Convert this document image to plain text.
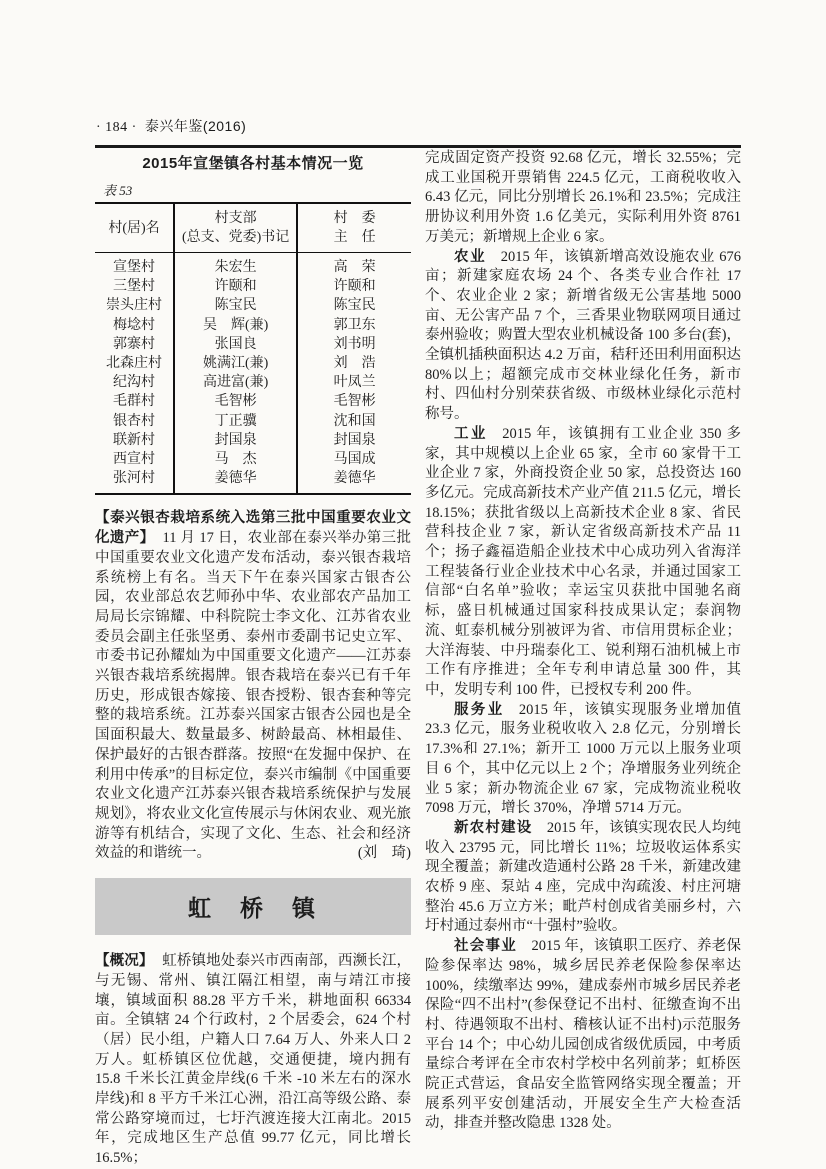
· 184 · 泰兴年鉴(2016)
2015年宣堡镇各村基本情况一览
表 53
村(居)名	村支部
(总支、党委)书记	村　委
主　任

宣堡村	朱宏生	高　荣
三堡村	许颐和	许颐和
崇头庄村	陈宝民	陈宝民
梅埝村	吴　辉(兼)	郭卫东
郭寨村	张国良	刘书明
北森庄村	姚满江(兼)	刘　浩
纪沟村	高进富(兼)	叶凤兰
毛群村	毛智彬	毛智彬
银杏村	丁正骥	沈和国
联新村	封国泉	封国泉
西宣村	马　杰	马国成
张河村	姜德华	姜德华

【泰兴银杏栽培系统入选第三批中国重要农业文化遗产】 11 月 17 日，农业部在泰兴举办第三批中国重要农业文化遗产发布活动，泰兴银杏栽培系统榜上有名。当天下午在泰兴国家古银杏公园，农业部总农艺师孙中华、农业部农产品加工局局长宗锦耀、中科院院士李文化、江苏省农业委员会副主任张坚勇、泰州市委副书记史立军、市委书记孙耀灿为中国重要文化遗产——江苏泰兴银杏栽培系统揭牌。银杏栽培在泰兴已有千年历史，形成银杏嫁接、银杏授粉、银杏套种等完整的栽培系统。江苏泰兴国家古银杏公园也是全国面积最大、数量最多、树龄最高、林相最佳、保护最好的古银杏群落。按照“在发掘中保护、在利用中传承”的目标定位，泰兴市编制《中国重要农业文化遗产江苏泰兴银杏栽培系统保护与发展规划》，将农业文化宣传展示与休闲农业、观光旅游等有机结合，实现了文化、生态、社会和经济效益的和谐统一。	(刘　琦)

虹　桥　镇

【概况】 虹桥镇地处泰兴市西南部，西濒长江，与无锡、常州、镇江隔江相望，南与靖江市接壤，镇域面积 88.28 平方千米，耕地面积 66334 亩。全镇辖 24 个行政村，2 个居委会，624 个村（居）民小组，户籍人口 7.64 万人、外来人口 2 万人。虹桥镇区位优越，交通便捷，境内拥有 15.8 千米长江黄金岸线(6 千米 -10 米左右的深水岸线)和 8 平方千米江心洲，沿江高等级公路、泰常公路穿境而过，七圩汽渡连接大江南北。2015 年，完成地区生产总值 99.77 亿元，同比增长 16.5%；

完成固定资产投资 92.68 亿元，增长 32.55%；完成工业国税开票销售 224.5 亿元，工商税收收入 6.43 亿元，同比分别增长 26.1%和 23.5%；完成注册协议利用外资 1.6 亿美元，实际利用外资 8761 万美元；新增规上企业 6 家。

农业 2015 年，该镇新增高效设施农业 676 亩；新建家庭农场 24 个、各类专业合作社 17 个、农业企业 2 家；新增省级无公害基地 5000 亩、无公害产品 7 个，三香果业物联网项目通过泰州验收；购置大型农业机械设备 100 多台(套)，全镇机插秧面积达 4.2 万亩，秸秆还田利用面积达 80%以上；超额完成市交林业绿化任务，新市村、四仙村分别荣获省级、市级林业绿化示范村称号。

工业 2015 年，该镇拥有工业企业 350 多家，其中规模以上企业 65 家，全市 60 家骨干工业企业 7 家，外商投资企业 50 家，总投资达 160 多亿元。完成高新技术产业产值 211.5 亿元，增长 18.15%；获批省级以上高新技术企业 8 家、省民营科技企业 7 家，新认定省级高新技术产品 11 个；扬子鑫福造船企业技术中心成功列入省海洋工程装备行业企业技术中心名录，并通过国家工信部“白名单”验收；幸运宝贝获批中国驰名商标，盛日机械通过国家科技成果认定；泰润物流、虹泰机械分别被评为省、市信用贯标企业；大洋海装、中丹瑞泰化工、锐利翔石油机械上市工作有序推进；全年专利申请总量 300 件，其中，发明专利 100 件，已授权专利 200 件。

服务业 2015 年，该镇实现服务业增加值 23.3 亿元，服务业税收收入 2.8 亿元，分别增长 17.3%和 27.1%；新开工 1000 万元以上服务业项目 6 个，其中亿元以上 2 个；净增服务业列统企业 5 家；新办物流企业 67 家，完成物流业税收 7098 万元，增长 370%，净增 5714 万元。

新农村建设 2015 年，该镇实现农民人均纯收入 23795 元，同比增长 11%；垃圾收运体系实现全覆盖；新建改造通村公路 28 千米，新建改建农桥 9 座、泵站 4 座，完成中沟疏浚、村庄河塘整治 45.6 万立方米；毗芦村创成省美丽乡村，六圩村通过泰州市“十强村”验收。

社会事业 2015 年，该镇职工医疗、养老保险参保率达 98%，城乡居民养老保险参保率达 100%，续缴率达 99%，建成泰州市城乡居民养老保险“四不出村”(参保登记不出村、征缴查询不出村、待遇领取不出村、稽核认证不出村)示范服务平台 14 个；中心幼儿园创成省级优质园，中考质量综合考评在全市农村学校中名列前茅；虹桥医院正式营运，食品安全监管网络实现全覆盖；开展系列平安创建活动，开展安全生产大检查活动，排查并整改隐患 1328 处。
